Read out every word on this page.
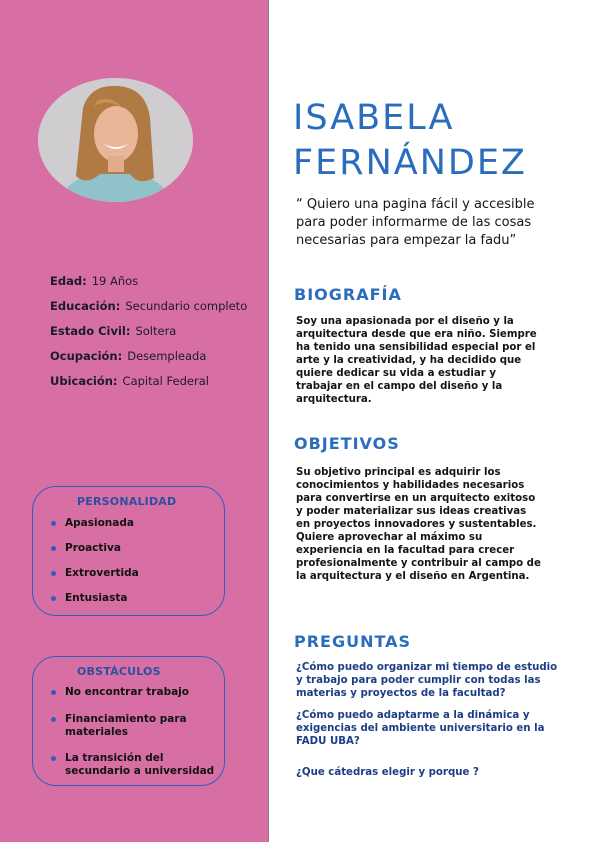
Edad: 19 Años
Educación: Secundario completo
Estado Civil: Soltera
Ocupación: Desempleada
Ubicación: Capital Federal
PERSONALIDAD
Apasionada
Proactiva
Extrovertida
Entusiasta
OBSTÁCULOS
No encontrar trabajo
Financiamiento para materiales
La transición del secundario a universidad
ISABELA
FERNÁNDEZ
“ Quiero una pagina fácil y accesible para poder informarme de las cosas necesarias para empezar la fadu”
BIOGRAFÍA
Soy una apasionada por el diseño y la arquitectura desde que era niño. Siempre ha tenido una sensibilidad especial por el arte y la creatividad, y ha decidido que quiere dedicar su vida a estudiar y trabajar en el campo del diseño y la arquitectura.
OBJETIVOS
Su objetivo principal es adquirir los conocimientos y habilidades necesarios para convertirse en un arquitecto exitoso y poder materializar sus ideas creativas en proyectos innovadores y sustentables. Quiere aprovechar al máximo su experiencia en la facultad para crecer profesionalmente y contribuir al campo de la arquitectura y el diseño en Argentina.
PREGUNTAS
¿Cómo puedo organizar mi tiempo de estudio y trabajo para poder cumplir con todas las materias y proyectos de la facultad?
¿Cómo puedo adaptarme a la dinámica y exigencias del ambiente universitario en la FADU UBA?
¿Que cátedras elegir y porque ?
